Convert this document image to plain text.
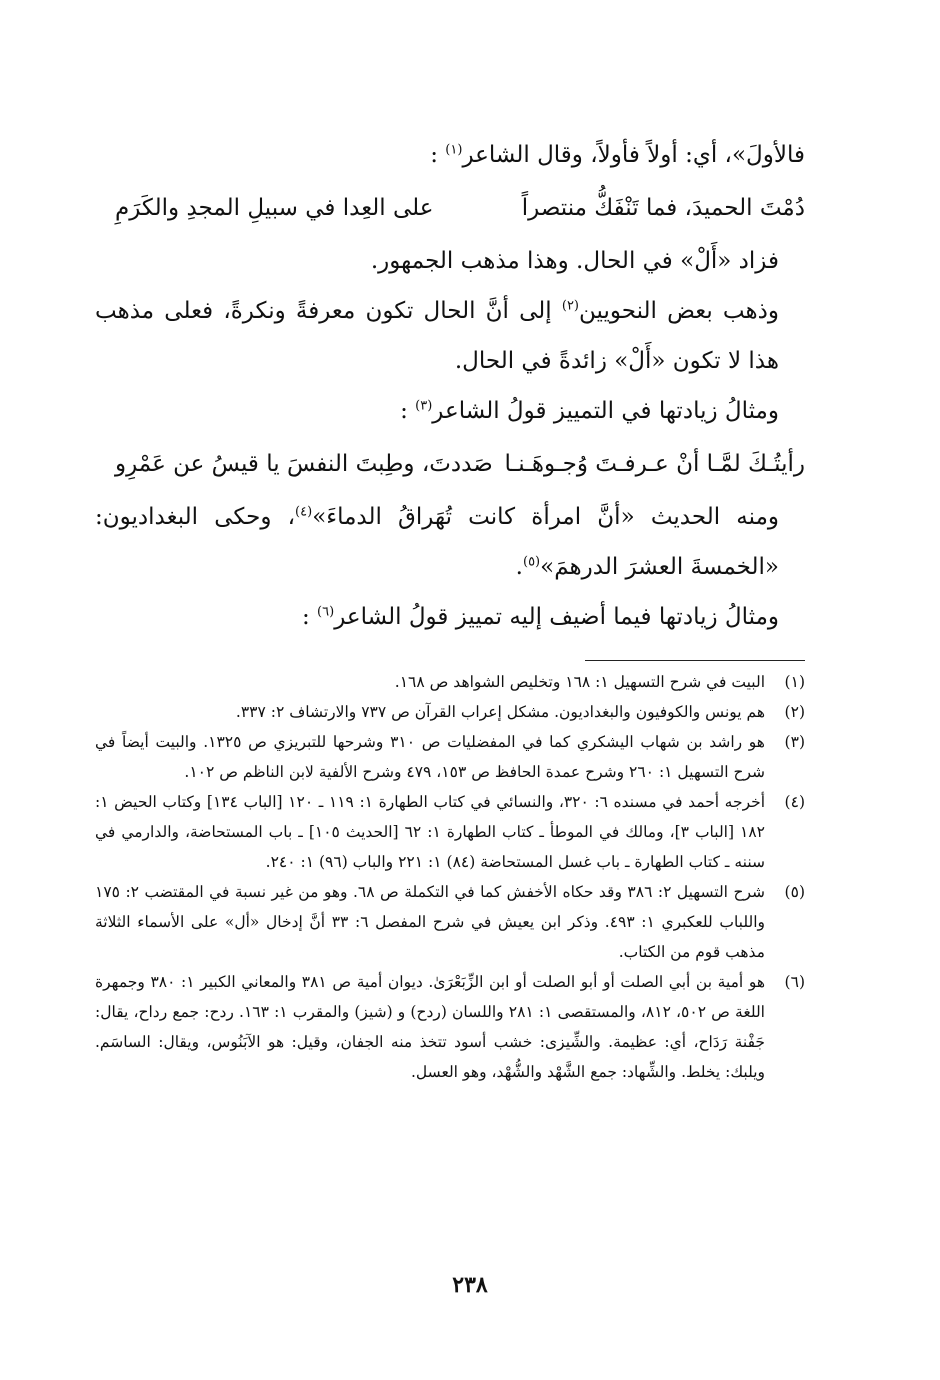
فالأولَ»، أي: أولاً فأولاً، وقال الشاعر$^{(١)}$ :

دُمْتَ الحميدَ، فما تَنْفَكُّ منتصراً
على العِدا في سبيلِ المجدِ والكَرَمِ

فزاد «أَلْ» في الحال. وهذا مذهب الجمهور.

وذهب بعض النحويين$^{(٢)}$ إلى أنَّ الحال تكون معرفةً ونكرةً، فعلى مذهب هذا لا تكون «أَلْ» زائدةً في الحال.

ومثالُ زيادتها في التمييز قولُ الشاعر$^{(٣)}$ :

رأيتُـكَ لمَّـا أنْ عـرفـتَ وُجـوهَـنـا
صَددتَ، وطِبتَ النفسَ يا قيسُ عن عَمْرِو

ومنه الحديث «أنَّ امرأة كانت تُهَراقُ الدماءَ»$^{(٤)}$، وحكى البغداديون: «الخمسةَ العشرَ الدرهمَ»$^{(٥)}$.

ومثالُ زيادتها فيما أضيف إليه تمييز قولُ الشاعر$^{(٦)}$ :

(١)
البيت في شرح التسهيل ١: ١٦٨ وتخليص الشواهد ص ١٦٨.
(٢)
هم يونس والكوفيون والبغداديون. مشكل إعراب القرآن ص ٧٣٧ والارتشاف ٢: ٣٣٧.
(٣)
هو راشد بن شهاب اليشكري كما في المفضليات ص ٣١٠ وشرحها للتبريزي ص ١٣٢٥. والبيت أيضاً في شرح التسهيل ١: ٢٦٠ وشرح عمدة الحافظ ص ١٥٣، ٤٧٩ وشرح الألفية لابن الناظم ص ١٠٢.
(٤)
أخرجه أحمد في مسنده ٦: ٣٢٠، والنسائي في كتاب الطهارة ١: ١١٩ ـ ١٢٠ [الباب ١٣٤] وكتاب الحيض ١: ١٨٢ [الباب ٣]، ومالك في الموطأ ـ كتاب الطهارة ١: ٦٢ [الحديث ١٠٥] ـ باب المستحاضة، والدارمي في سننه ـ كتاب الطهارة ـ باب غسل المستحاضة (٨٤) ١: ٢٢١ والباب (٩٦) ١: ٢٤٠.
(٥)
شرح التسهيل ٢: ٣٨٦ وقد حكاه الأخفش كما في التكملة ص ٦٨. وهو من غير نسبة في المقتضب ٢: ١٧٥ واللباب للعكبري ١: ٤٩٣. وذكر ابن يعيش في شرح المفصل ٦: ٣٣ أنَّ إدخال «أل» على الأسماء الثلاثة مذهب قوم من الكتاب.
(٦)
هو أمية بن أبي الصلت أو أبو الصلت أو ابن الزِّبَعْرَىٰ. ديوان أمية ص ٣٨١ والمعاني الكبير ١: ٣٨٠ وجمهرة اللغة ص ٥٠٢، ٨١٢، والمستقصى ١: ٢٨١ واللسان (ردح) و (شيز) والمقرب ١: ١٦٣. ردح: جمع رداح، يقال: جَفْنة رَدَاح، أي: عظيمة. والشِّيزى: خشب أسود تتخذ منه الجفان، وقيل: هو الآبَنُوس، ويقال: الساسَم. ويلبك: يخلط. والشِّهاد: جمع الشَّهْد والشُّهْد، وهو العسل.
٢٣٨
